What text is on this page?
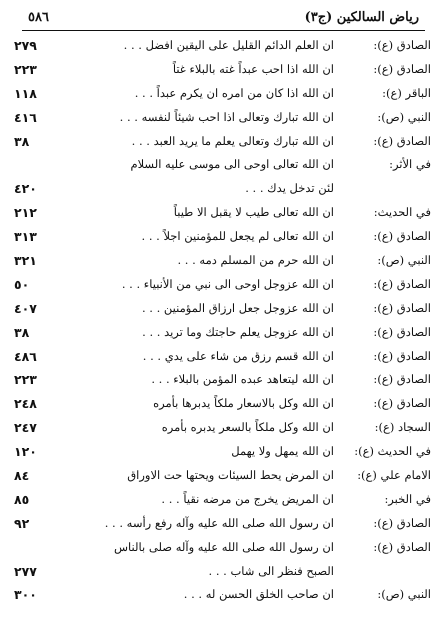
رياض السالكين (ج٣)
٥٨٦
الصادق (ع):
ان العلم الدائم القليل على اليقين افضل . . .
٢٧٩
الصادق (ع):
ان الله اذا احب عبداً غته بالبلاء غتاً
٢٢٣
الباقر (ع):
ان الله اذا كان من امره ان يكرم عبداً . . .
١١٨
النبي (ص):
ان الله تبارك وتعالى اذا احب شيئاً لنفسه . . .
٤١٦
الصادق (ع):
ان الله تبارك وتعالى يعلم ما يريد العبد . . .
٣٨
في الأثر:
ان الله تعالى اوحى الى موسى عليه السلام
لئن تدخل يدك . . .
٤٢٠
في الحديث:
ان الله تعالى طيب لا يقبل الا طيباً
٢١٢
الصادق (ع):
ان الله تعالى لم يجعل للمؤمنين اجلاً . . .
٣١٣
النبي (ص):
ان الله حرم من المسلم دمه . . .
٣٢١
الصادق (ع):
ان الله عزوجل اوحى الى نبي من الأنبياء . . .
٥٠
الصادق (ع):
ان الله عزوجل جعل ارزاق المؤمنين . . .
٤٠٧
الصادق (ع):
ان الله عزوجل يعلم حاجتك وما تريد . . .
٣٨
الصادق (ع):
ان الله قسم رزق من شاء على يدي . . .
٤٨٦
الصادق (ع):
ان الله ليتعاهد عبده المؤمن بالبلاء . . .
٢٢٣
الصادق (ع):
ان الله وكل بالاسعار ملكاً يدبرها بأمره
٢٤٨
السجاد (ع):
ان الله وكل ملكاً بالسعر يدبره بأمره
٢٤٧
في الحديث (ع):
ان الله يمهل ولا يهمل
١٢٠
الامام علي (ع):
ان المرض يحط السيئات ويحتها حت الاوراق
٨٤
في الخبر:
ان المريض يخرج من مرضه نقياً . . .
٨٥
الصادق (ع):
ان رسول الله صلى الله عليه وآله رفع رأسه . . .
٩٢
الصادق (ع):
ان رسول الله صلى الله عليه وآله صلى بالناس
الصبح فنظر الى شاب . . .
٢٧٧
النبي (ص):
ان صاحب الخلق الحسن له . . .
٣٠٠
